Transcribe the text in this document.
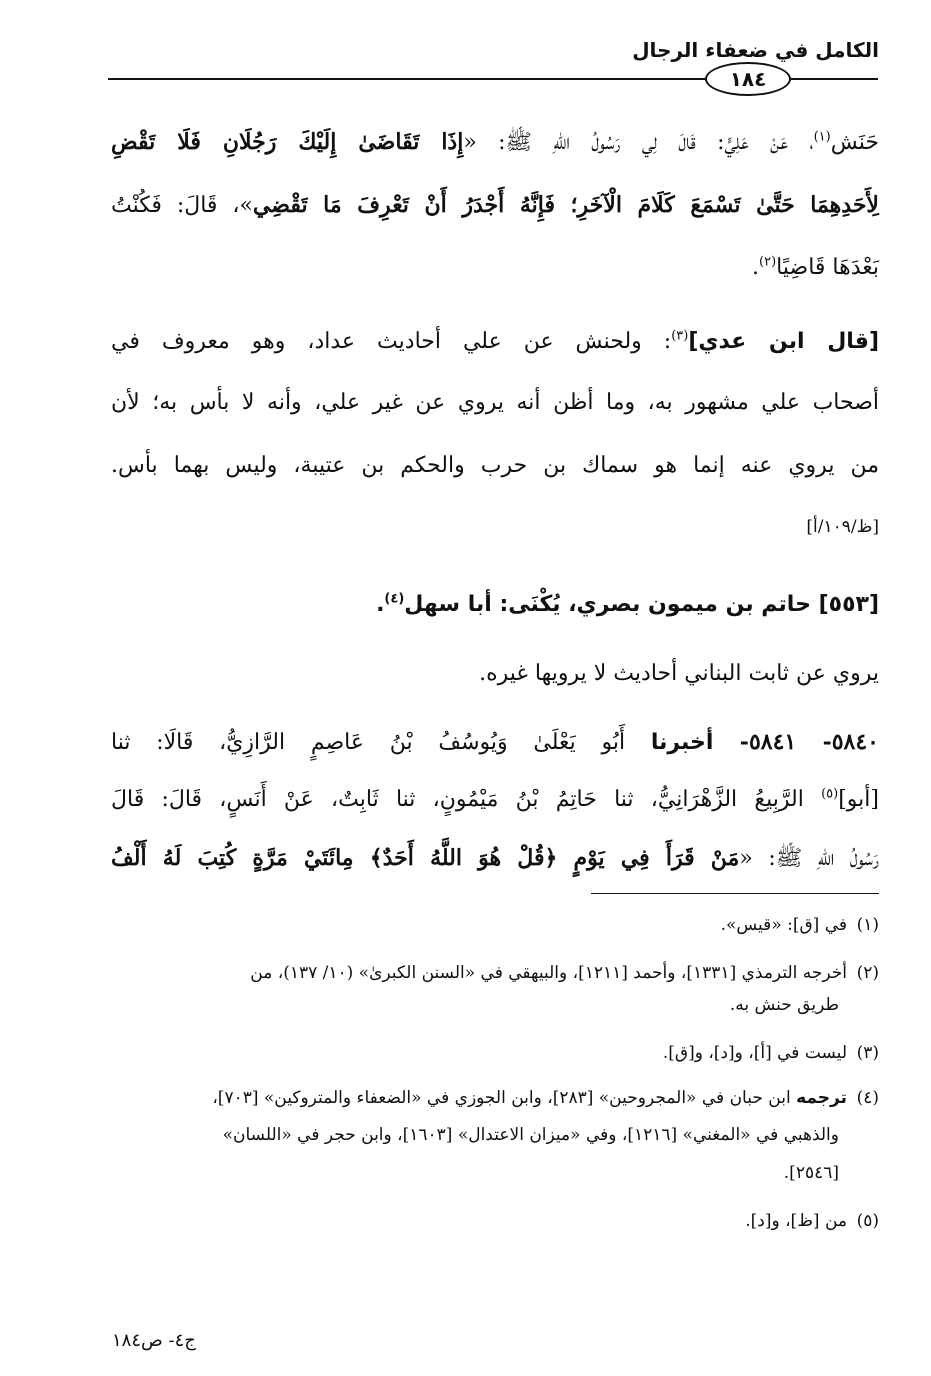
الكامل في ضعفاء الرجال
١٨٤
حَنَش$^{(١)}$، عَنْ عَلِيٍّ: قَالَ لِي رَسُولُ اللهِ ﷺ: «إِذَا تَقَاضَىٰ إِلَيْكَ رَجُلَانِ فَلَا تَقْضِ
لِأَحَدِهِمَا حَتَّىٰ تَسْمَعَ كَلَامَ الْآخَرِ؛ فَإِنَّهُ أَجْدَرُ أَنْ تَعْرِفَ مَا تَقْضِي»، قَالَ: فَكُنْتُ
بَعْدَهَا قَاضِيًا$^{(٢)}$.
[قال ابن عدي]$^{(٣)}$: ولحنش عن علي أحاديث عداد، وهو معروف في
أصحاب علي مشهور به، وما أظن أنه يروي عن غير علي، وأنه لا بأس به؛ لأن
من يروي عنه إنما هو سماك بن حرب والحكم بن عتيبة، وليس بهما بأس.
[ظ/١٠٩/أ]
[٥٥٣] حاتم بن ميمون بصري، يُكْنَى: أبا سهل$^{(٤)}$.
يروي عن ثابت البناني أحاديث لا يرويها غيره.
٥٨٤٠- ٥٨٤١- أخبرنا أَبُو يَعْلَىٰ وَيُوسُفُ بْنُ عَاصِمٍ الرَّازِيُّ، قَالَا: ثنا
[أبو]$^{(٥)}$ الرَّبِيعُ الزَّهْرَانِيُّ، ثنا حَاتِمُ بْنُ مَيْمُونٍ، ثنا ثَابِتٌ، عَنْ أَنَسٍ، قَالَ: قَالَ
رَسُولُ اللهِ ﷺ: «مَنْ قَرَأَ فِي يَوْمٍ ﴿قُلْ هُوَ اللَّهُ أَحَدٌ﴾ مِائَتَيْ مَرَّةٍ كُتِبَ لَهُ أَلْفُ
(١)في [ق]: «قيس».
(٢)أخرجه الترمذي [١٣٣١]، وأحمد [١٢١١]، والبيهقي في «السنن الكبرىٰ» (١٠/ ١٣٧)، من
طريق حنش به.
(٣)ليست في [أ]، و[د]، و[ق].
(٤)ترجمه ابن حبان في «المجروحين» [٢٨٣]، وابن الجوزي في «الضعفاء والمتروكين» [٧٠٣]،
والذهبي في «المغني» [١٢١٦]، وفي «ميزان الاعتدال» [١٦٠٣]، وابن حجر في «اللسان»
[٢٥٤٦].
(٥)من [ظ]، و[د].
ج٤- ص١٨٤
